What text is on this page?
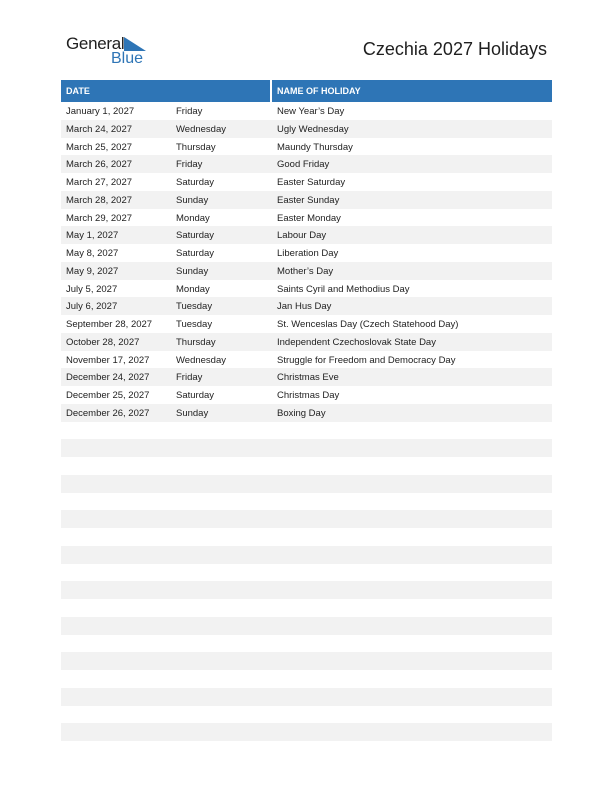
General
Blue	Czechia 2027 Holidays
DATE	NAME OF HOLIDAY
January 1, 2027	Friday	New Year’s Day
March 24, 2027	Wednesday	Ugly Wednesday
March 25, 2027	Thursday	Maundy Thursday
March 26, 2027	Friday	Good Friday
March 27, 2027	Saturday	Easter Saturday
March 28, 2027	Sunday	Easter Sunday
March 29, 2027	Monday	Easter Monday
May 1, 2027	Saturday	Labour Day
May 8, 2027	Saturday	Liberation Day
May 9, 2027	Sunday	Mother’s Day
July 5, 2027	Monday	Saints Cyril and Methodius Day
July 6, 2027	Tuesday	Jan Hus Day
September 28, 2027	Tuesday	St. Wenceslas Day (Czech Statehood Day)
October 28, 2027	Thursday	Independent Czechoslovak State Day
November 17, 2027	Wednesday	Struggle for Freedom and Democracy Day
December 24, 2027	Friday	Christmas Eve
December 25, 2027	Saturday	Christmas Day
December 26, 2027	Sunday	Boxing Day
